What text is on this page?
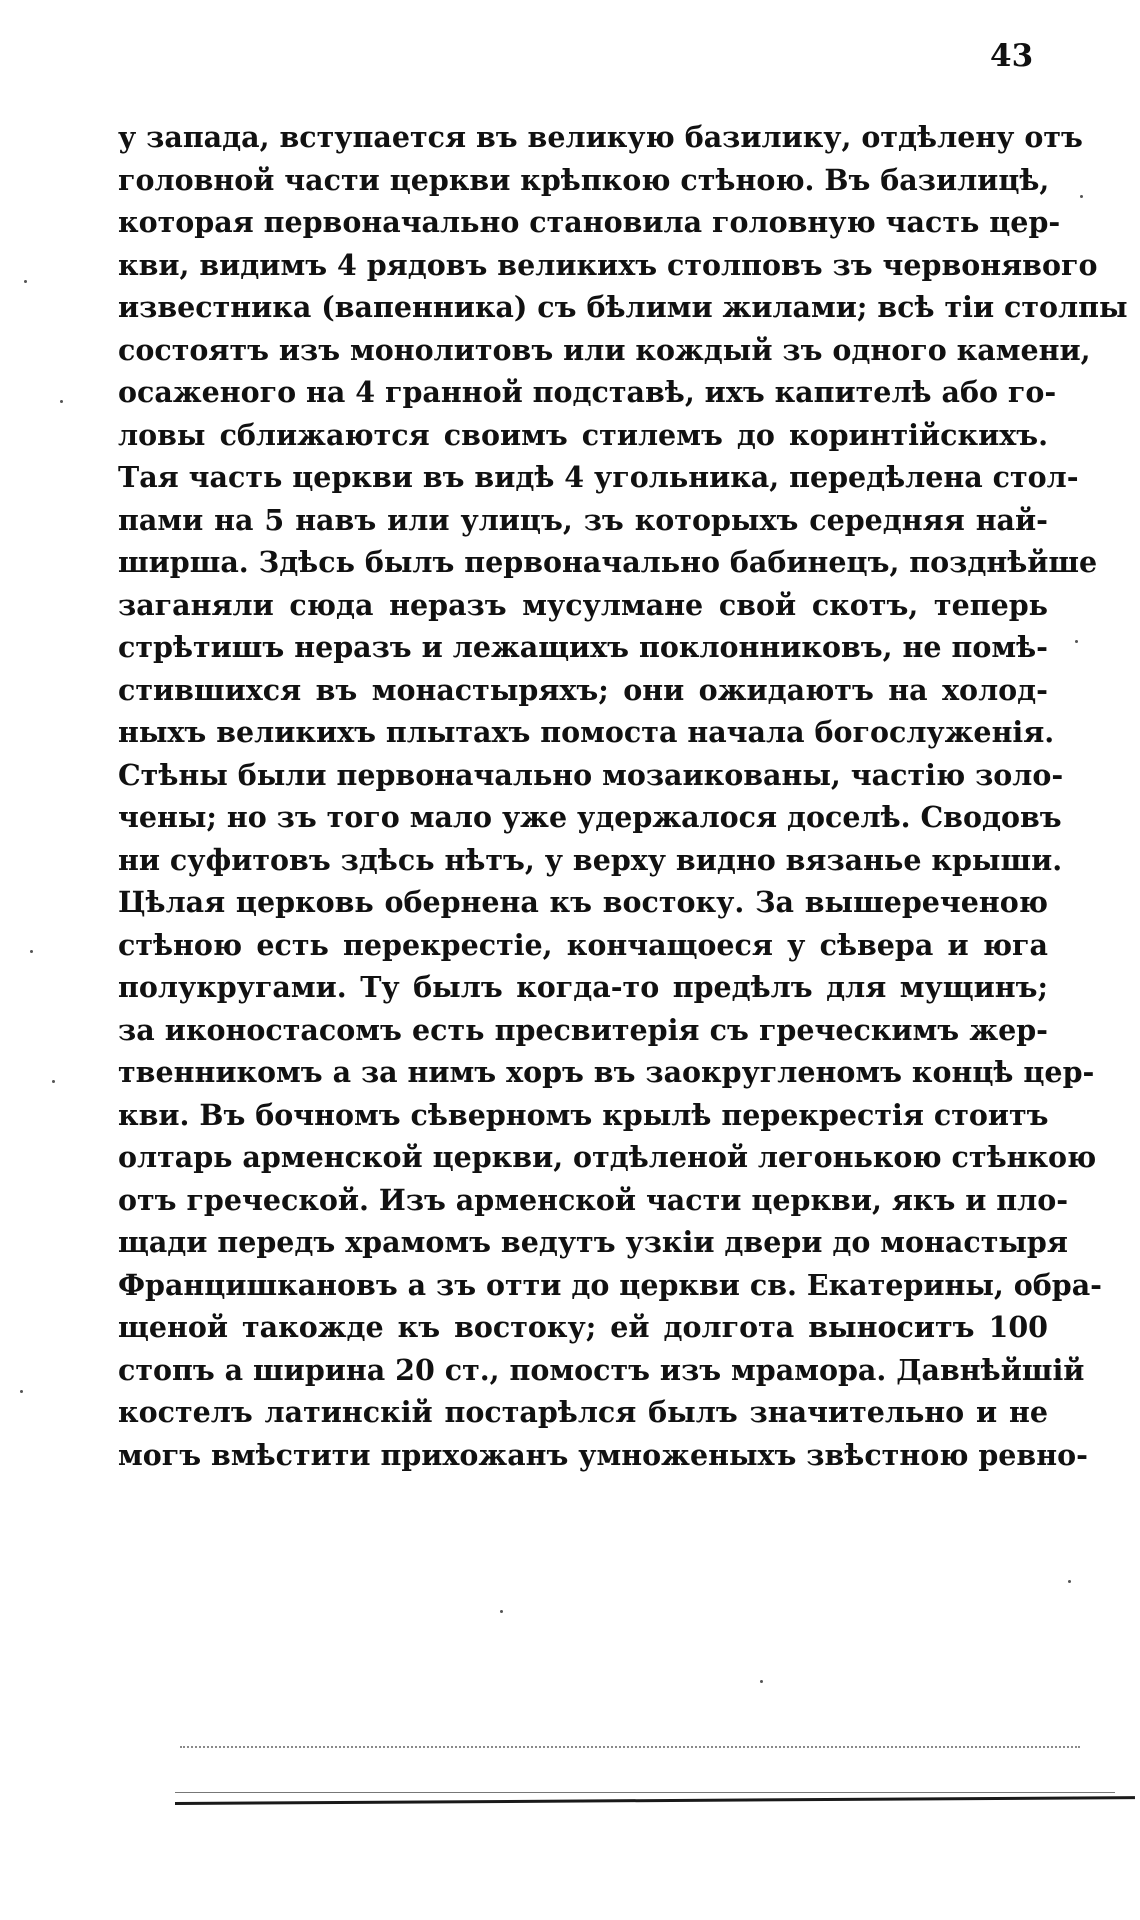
43
у запада, вступается въ великую базилику, отдѣлену отъ
головной части церкви крѣпкою стѣною. Въ базилицѣ,
которая первоначально становила головную часть цер-
кви, видимъ 4 рядовъ великихъ столповъ зъ червонявого
известника (вапенника) съ бѣлими жилами; всѣ тіи столпы
состоятъ изъ монолитовъ или кождый зъ одного камени,
осаженого на 4 гранной подставѣ, ихъ капителѣ або го-
ловы сближаются своимъ стилемъ до коринтійскихъ.
Тая часть церкви въ видѣ 4 угольника, передѣлена стол-
пами на 5 навъ или улицъ, зъ которыхъ середняя най-
ширша. Здѣсь былъ первоначально бабинецъ, позднѣйше
заганяли сюда неразъ мусулмане свой скотъ, теперь
стрѣтишъ неразъ и лежащихъ поклонниковъ, не помѣ-
стившихся въ монастыряхъ; они ожидаютъ на холод-
ныхъ великихъ плытахъ помоста начала богослуженія.
Стѣны были первоначально мозаикованы, частію золо-
чены; но зъ того мало уже удержалося доселѣ. Сводовъ
ни суфитовъ здѣсь нѣтъ, у верху видно вязанье крыши.
Цѣлая церковь обернена къ востоку. За вышереченою
стѣною есть перекрестіе, кончащоеся у сѣвера и юга
полукругами. Ту былъ когда-то предѣлъ для мущинъ;
за иконостасомъ есть пресвитерія съ греческимъ жер-
твенникомъ а за нимъ хоръ въ заокругленомъ концѣ цер-
кви. Въ бочномъ сѣверномъ крылѣ перекрестія стоитъ
олтарь арменской церкви, отдѣленой легонькою стѣнкою
отъ греческой. Изъ арменской части церкви, якъ и пло-
щади передъ храмомъ ведутъ узкіи двери до монастыря
Францишкановъ а зъ отти до церкви св. Екатерины, обра-
щеной такожде къ востоку; ей долгота выноситъ 100
стопъ а ширина 20 ст., помостъ изъ мрамора. Давнѣйшій
костелъ латинскій постарѣлся былъ значительно и не
могъ вмѣстити прихожанъ умноженыхъ звѣстною ревно-
